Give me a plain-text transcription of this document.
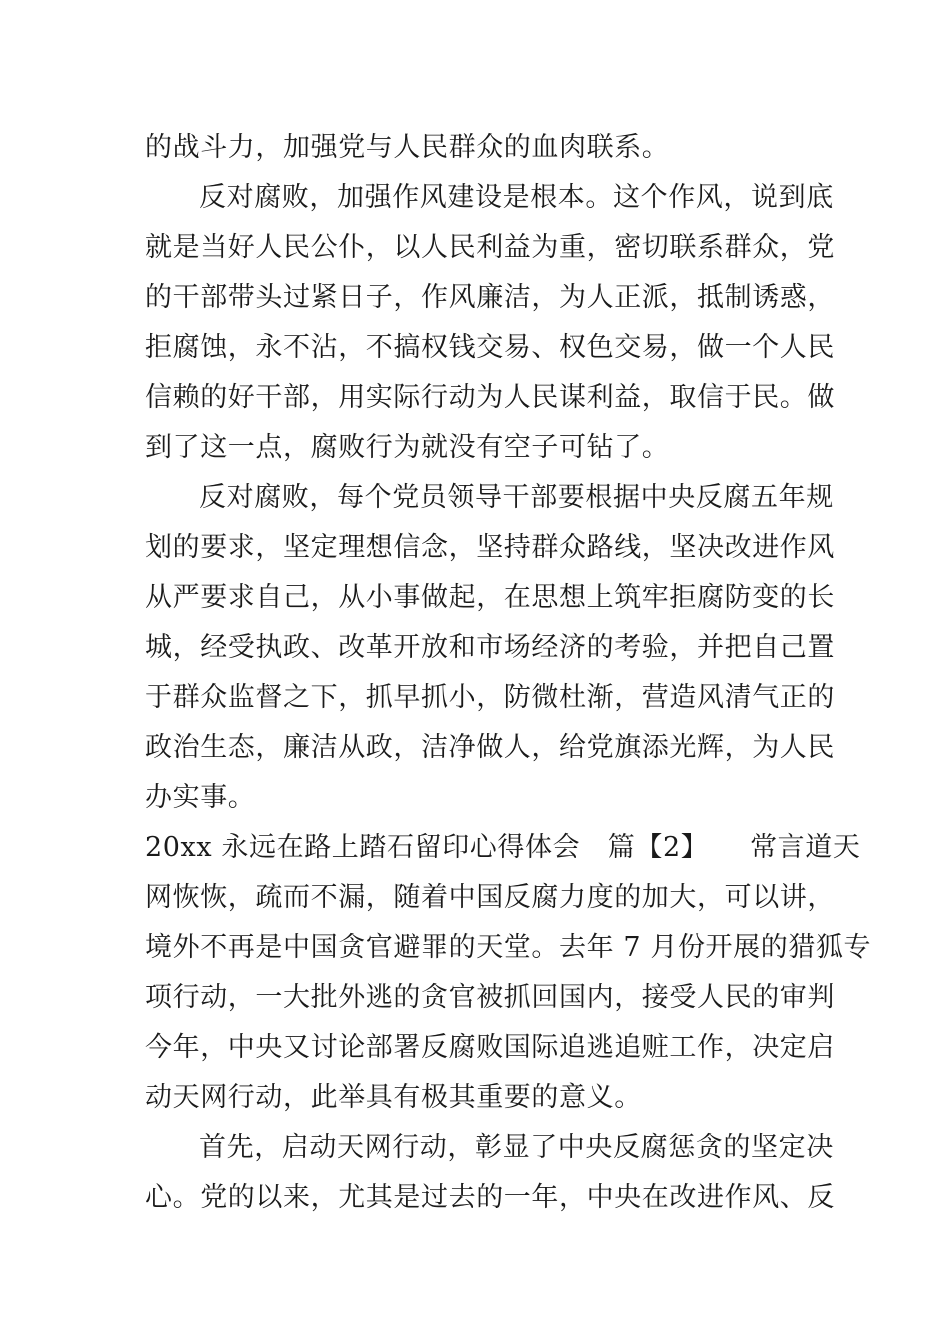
的战斗力，加强党与人民群众的血肉联系。
反对腐败，加强作风建设是根本。这个作风，说到底
就是当好人民公仆，以人民利益为重，密切联系群众，党
的干部带头过紧日子，作风廉洁，为人正派，抵制诱惑，
拒腐蚀，永不沾，不搞权钱交易、权色交易，做一个人民
信赖的好干部，用实际行动为人民谋利益，取信于民。做
到了这一点，腐败行为就没有空子可钻了。
反对腐败，每个党员领导干部要根据中央反腐五年规
划的要求，坚定理想信念，坚持群众路线，坚决改进作风
从严要求自己，从小事做起，在思想上筑牢拒腐防变的长
城，经受执政、改革开放和市场经济的考验，并把自己置
于群众监督之下，抓早抓小，防微杜渐，营造风清气正的
政治生态，廉洁从政，洁净做人，给党旗添光辉，为人民
办实事。
20xx 永远在路上踏石留印心得体会　篇【2】　　常言道天
网恢恢，疏而不漏，随着中国反腐力度的加大，可以讲，
境外不再是中国贪官避罪的天堂。去年 7 月份开展的猎狐专
项行动，一大批外逃的贪官被抓回国内，接受人民的审判
今年，中央又讨论部署反腐败国际追逃追赃工作，决定启
动天网行动，此举具有极其重要的意义。
首先，启动天网行动，彰显了中央反腐惩贪的坚定决
心。党的以来，尤其是过去的一年，中央在改进作风、反
